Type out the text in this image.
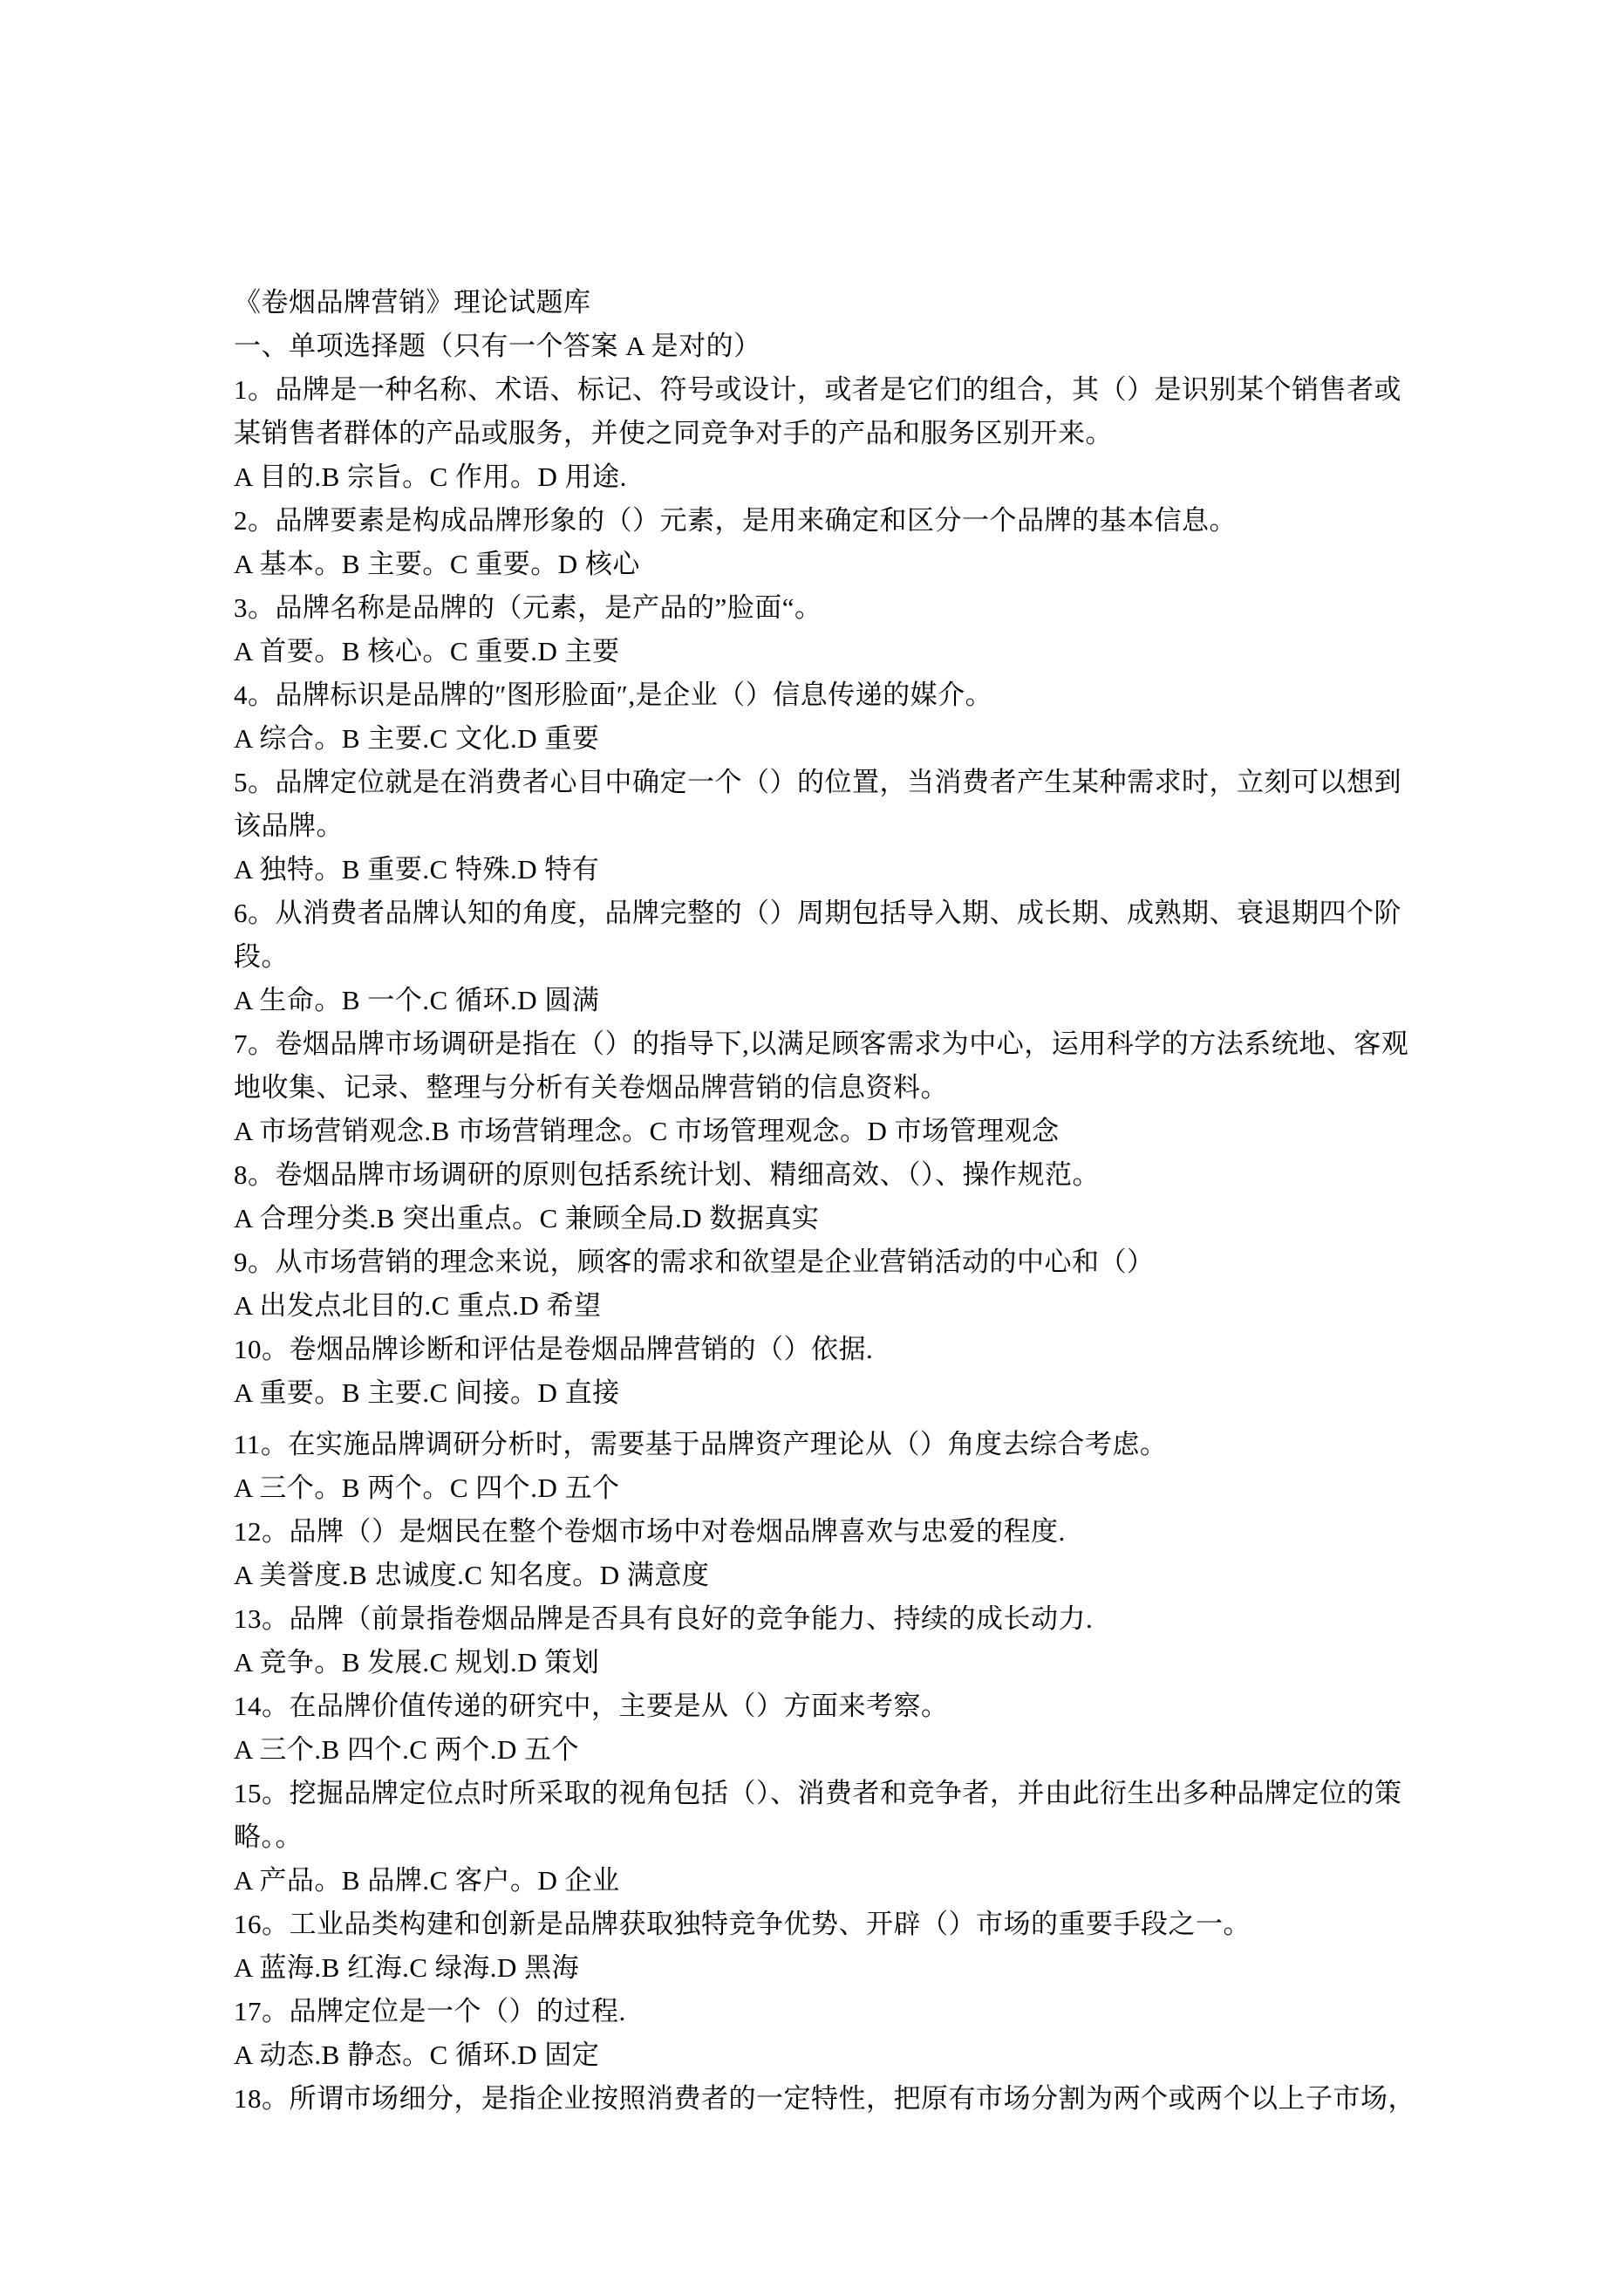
《卷烟品牌营销》理论试题库

一、单项选择题（只有一个答案 A 是对的）

1。品牌是一种名称、术语、标记、符号或设计，或者是它们的组合，其（）是识别某个销售者或

某销售者群体的产品或服务，并使之同竞争对手的产品和服务区别开来。

A 目的.B 宗旨。C 作用。D 用途.

2。品牌要素是构成品牌形象的（）元素，是用来确定和区分一个品牌的基本信息。

A 基本。B 主要。C 重要。D 核心

3。品牌名称是品牌的（元素，是产品的”脸面“。

A 首要。B 核心。C 重要.D 主要

4。品牌标识是品牌的″图形脸面″,是企业（）信息传递的媒介。

A 综合。B 主要.C 文化.D 重要

5。品牌定位就是在消费者心目中确定一个（）的位置，当消费者产生某种需求时，立刻可以想到

该品牌。

A 独特。B 重要.C 特殊.D 特有

6。从消费者品牌认知的角度，品牌完整的（）周期包括导入期、成长期、成熟期、衰退期四个阶

段。

A 生命。B 一个.C 循环.D 圆满

7。卷烟品牌市场调研是指在（）的指导下,以满足顾客需求为中心，运用科学的方法系统地、客观

地收集、记录、整理与分析有关卷烟品牌营销的信息资料。

A 市场营销观念.B 市场营销理念。C 市场管理观念。D 市场管理观念

8。卷烟品牌市场调研的原则包括系统计划、精细高效、（）、操作规范。

A 合理分类.B 突出重点。C 兼顾全局.D 数据真实

9。从市场营销的理念来说，顾客的需求和欲望是企业营销活动的中心和（）

A 出发点北目的.C 重点.D 希望

10。卷烟品牌诊断和评估是卷烟品牌营销的（）依据.

A 重要。B 主要.C 间接。D 直接

11。在实施品牌调研分析时，需要基于品牌资产理论从（）角度去综合考虑。

A 三个。B 两个。C 四个.D 五个

12。品牌（）是烟民在整个卷烟市场中对卷烟品牌喜欢与忠爱的程度.

A 美誉度.B 忠诚度.C 知名度。D 满意度

13。品牌（前景指卷烟品牌是否具有良好的竞争能力、持续的成长动力.

A 竞争。B 发展.C 规划.D 策划

14。在品牌价值传递的研究中，主要是从（）方面来考察。

A 三个.B 四个.C 两个.D 五个

15。挖掘品牌定位点时所采取的视角包括（）、消费者和竞争者，并由此衍生出多种品牌定位的策

略。。

A 产品。B 品牌.C 客户。D 企业

16。工业品类构建和创新是品牌获取独特竞争优势、开辟（）市场的重要手段之一。

A 蓝海.B 红海.C 绿海.D 黑海

17。品牌定位是一个（）的过程.

A 动态.B 静态。C 循环.D 固定

18。所谓市场细分，是指企业按照消费者的一定特性，把原有市场分割为两个或两个以上子市场，
